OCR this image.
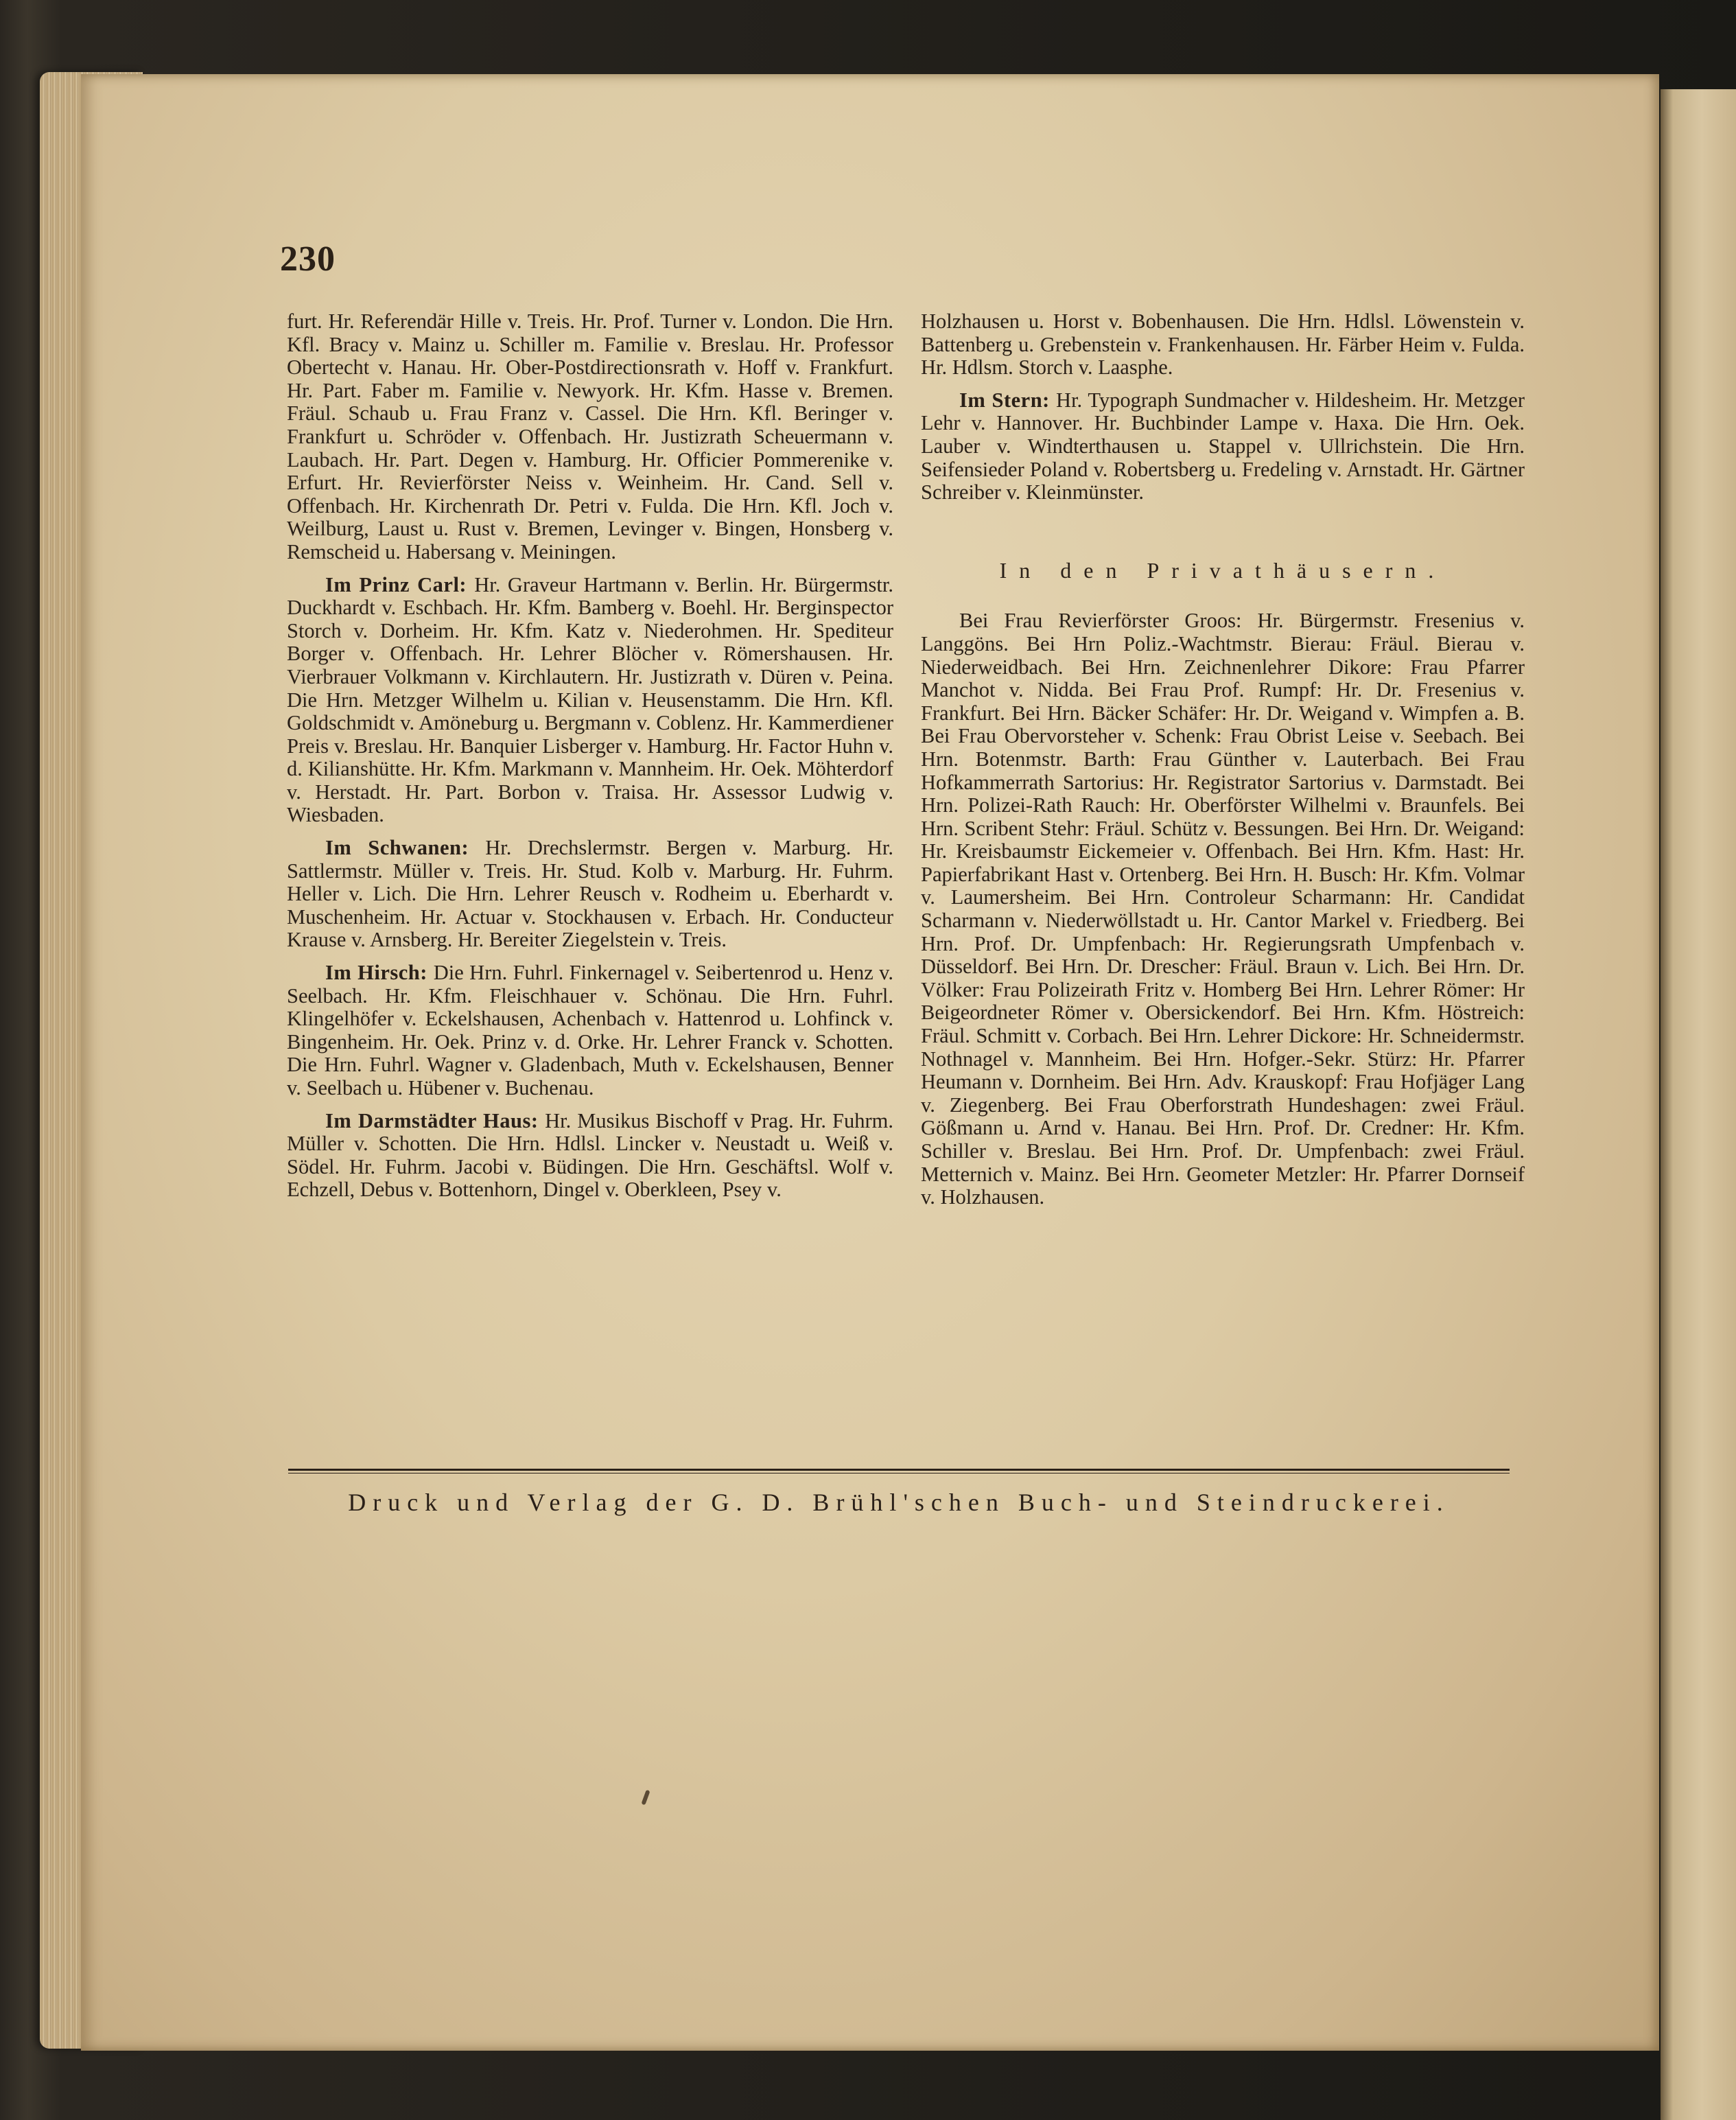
230

furt. Hr. Referendär Hille v. Treis. Hr. Prof. Turner v. London. Die Hrn. Kfl. Bracy v. Mainz u. Schiller m. Familie v. Breslau. Hr. Professor Obertecht v. Hanau. Hr. Ober-Postdirectionsrath v. Hoff v. Frankfurt. Hr. Part. Faber m. Familie v. Newyork. Hr. Kfm. Hasse v. Bremen. Fräul. Schaub u. Frau Franz v. Cassel. Die Hrn. Kfl. Beringer v. Frankfurt u. Schröder v. Offenbach. Hr. Justizrath Scheuermann v. Laubach. Hr. Part. Degen v. Hamburg. Hr. Officier Pommerenike v. Erfurt. Hr. Revierförster Neiss v. Weinheim. Hr. Cand. Sell v. Offenbach. Hr. Kirchenrath Dr. Petri v. Fulda. Die Hrn. Kfl. Joch v. Weilburg, Laust u. Rust v. Bremen, Levinger v. Bingen, Honsberg v. Remscheid u. Habersang v. Meiningen.

Im Prinz Carl: Hr. Graveur Hartmann v. Berlin. Hr. Bürgermstr. Duckhardt v. Eschbach. Hr. Kfm. Bamberg v. Boehl. Hr. Berginspector Storch v. Dorheim. Hr. Kfm. Katz v. Niederohmen. Hr. Spediteur Borger v. Offenbach. Hr. Lehrer Blöcher v. Römershausen. Hr. Vierbrauer Volkmann v. Kirchlautern. Hr. Justizrath v. Düren v. Peina. Die Hrn. Metzger Wilhelm u. Kilian v. Heusenstamm. Die Hrn. Kfl. Goldschmidt v. Amöneburg u. Bergmann v. Coblenz. Hr. Kammerdiener Preis v. Breslau. Hr. Banquier Lisberger v. Hamburg. Hr. Factor Huhn v. d. Kilianshütte. Hr. Kfm. Markmann v. Mannheim. Hr. Oek. Möhterdorf v. Herstadt. Hr. Part. Borbon v. Traisa. Hr. Assessor Ludwig v. Wiesbaden.

Im Schwanen: Hr. Drechslermstr. Bergen v. Marburg. Hr. Sattlermstr. Müller v. Treis. Hr. Stud. Kolb v. Marburg. Hr. Fuhrm. Heller v. Lich. Die Hrn. Lehrer Reusch v. Rodheim u. Eberhardt v. Muschenheim. Hr. Actuar v. Stockhausen v. Erbach. Hr. Conducteur Krause v. Arnsberg. Hr. Bereiter Ziegelstein v. Treis.

Im Hirsch: Die Hrn. Fuhrl. Finkernagel v. Seibertenrod u. Henz v. Seelbach. Hr. Kfm. Fleischhauer v. Schönau. Die Hrn. Fuhrl. Klingelhöfer v. Eckelshausen, Achenbach v. Hattenrod u. Lohfinck v. Bingenheim. Hr. Oek. Prinz v. d. Orke. Hr. Lehrer Franck v. Schotten. Die Hrn. Fuhrl. Wagner v. Gladenbach, Muth v. Eckelshausen, Benner v. Seelbach u. Hübener v. Buchenau.

Im Darmstädter Haus: Hr. Musikus Bischoff v Prag. Hr. Fuhrm. Müller v. Schotten. Die Hrn. Hdlsl. Lincker v. Neustadt u. Weiß v. Södel. Hr. Fuhrm. Jacobi v. Büdingen. Die Hrn. Geschäftsl. Wolf v. Echzell, Debus v. Bottenhorn, Dingel v. Oberkleen, Psey v.

Holzhausen u. Horst v. Bobenhausen. Die Hrn. Hdlsl. Löwenstein v. Battenberg u. Grebenstein v. Frankenhausen. Hr. Färber Heim v. Fulda. Hr. Hdlsm. Storch v. Laasphe.

Im Stern: Hr. Typograph Sundmacher v. Hildesheim. Hr. Metzger Lehr v. Hannover. Hr. Buchbinder Lampe v. Haxa. Die Hrn. Oek. Lauber v. Windterthausen u. Stappel v. Ullrichstein. Die Hrn. Seifensieder Poland v. Robertsberg u. Fredeling v. Arnstadt. Hr. Gärtner Schreiber v. Kleinmünster.

In den Privathäusern.

Bei Frau Revierförster Groos: Hr. Bürgermstr. Fresenius v. Langgöns. Bei Hrn Poliz.-Wachtmstr. Bierau: Fräul. Bierau v. Niederweidbach. Bei Hrn. Zeichnenlehrer Dikore: Frau Pfarrer Manchot v. Nidda. Bei Frau Prof. Rumpf: Hr. Dr. Fresenius v. Frankfurt. Bei Hrn. Bäcker Schäfer: Hr. Dr. Weigand v. Wimpfen a. B. Bei Frau Obervorsteher v. Schenk: Frau Obrist Leise v. Seebach. Bei Hrn. Botenmstr. Barth: Frau Günther v. Lauterbach. Bei Frau Hofkammerrath Sartorius: Hr. Registrator Sartorius v. Darmstadt. Bei Hrn. Polizei-Rath Rauch: Hr. Oberförster Wilhelmi v. Braunfels. Bei Hrn. Scribent Stehr: Fräul. Schütz v. Bessungen. Bei Hrn. Dr. Weigand: Hr. Kreisbaumstr Eickemeier v. Offenbach. Bei Hrn. Kfm. Hast: Hr. Papierfabrikant Hast v. Ortenberg. Bei Hrn. H. Busch: Hr. Kfm. Volmar v. Laumersheim. Bei Hrn. Controleur Scharmann: Hr. Candidat Scharmann v. Niederwöllstadt u. Hr. Cantor Markel v. Friedberg. Bei Hrn. Prof. Dr. Umpfenbach: Hr. Regierungsrath Umpfenbach v. Düsseldorf. Bei Hrn. Dr. Drescher: Fräul. Braun v. Lich. Bei Hrn. Dr. Völker: Frau Polizeirath Fritz v. Homberg Bei Hrn. Lehrer Römer: Hr Beigeordneter Römer v. Obersickendorf. Bei Hrn. Kfm. Höstreich: Fräul. Schmitt v. Corbach. Bei Hrn. Lehrer Dickore: Hr. Schneidermstr. Nothnagel v. Mannheim. Bei Hrn. Hofger.-Sekr. Stürz: Hr. Pfarrer Heumann v. Dornheim. Bei Hrn. Adv. Krauskopf: Frau Hofjäger Lang v. Ziegenberg. Bei Frau Oberforstrath Hundeshagen: zwei Fräul. Gößmann u. Arnd v. Hanau. Bei Hrn. Prof. Dr. Credner: Hr. Kfm. Schiller v. Breslau. Bei Hrn. Prof. Dr. Umpfenbach: zwei Fräul. Metternich v. Mainz. Bei Hrn. Geometer Metzler: Hr. Pfarrer Dornseif v. Holzhausen.

Druck und Verlag der G. D. Brühl'schen Buch- und Steindruckerei.
